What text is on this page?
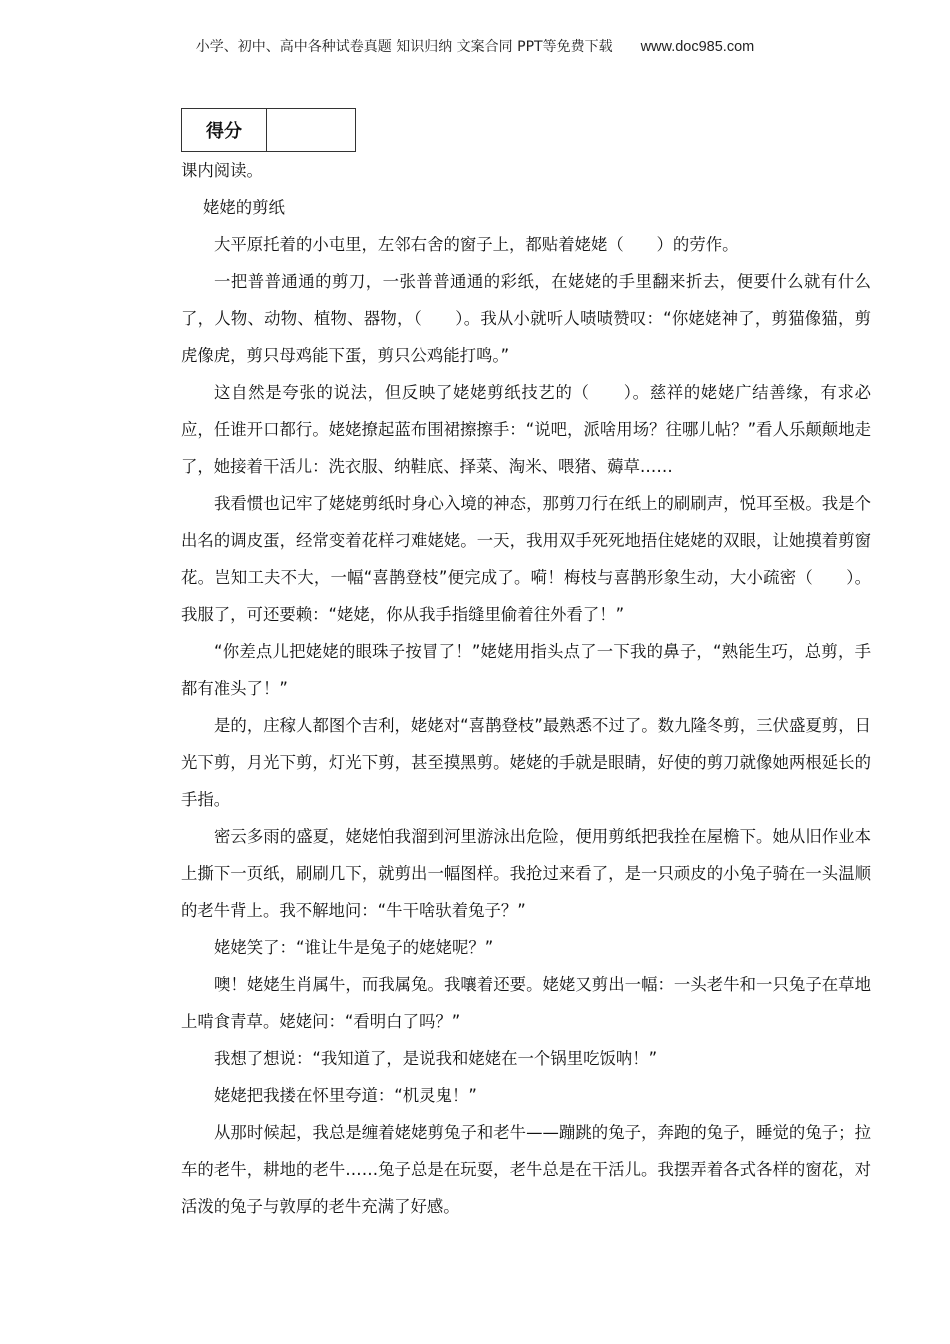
小学、初中、高中各种试卷真题 知识归纳 文案合同 PPT等免费下载 www.doc985.com
得分	

课内阅读。

姥姥的剪纸

大平原托着的小屯里，左邻右舍的窗子上，都贴着姥姥（　　）的劳作。

一把普普通通的剪刀，一张普普通通的彩纸，在姥姥的手里翻来折去，便要什么就有什么了，人物、动物、植物、器物，（　　）。我从小就听人啧啧赞叹：“你姥姥神了，剪猫像猫，剪虎像虎，剪只母鸡能下蛋，剪只公鸡能打鸣。”

这自然是夸张的说法，但反映了姥姥剪纸技艺的（　　）。慈祥的姥姥广结善缘，有求必应，任谁开口都行。姥姥撩起蓝布围裙擦擦手：“说吧，派啥用场？往哪儿帖？”看人乐颠颠地走了，她接着干活儿：洗衣服、纳鞋底、择菜、淘米、喂猪、薅草……

我看惯也记牢了姥姥剪纸时身心入境的神态，那剪刀行在纸上的刷刷声，悦耳至极。我是个出名的调皮蛋，经常变着花样刁难姥姥。一天，我用双手死死地捂住姥姥的双眼，让她摸着剪窗花。岂知工夫不大，一幅“喜鹊登枝”便完成了。嗬！梅枝与喜鹊形象生动，大小疏密（　　）。我服了，可还要赖：“姥姥，你从我手指缝里偷着往外看了！”

“你差点儿把姥姥的眼珠子按冒了！”姥姥用指头点了一下我的鼻子，“熟能生巧，总剪，手都有准头了！”

是的，庄稼人都图个吉利，姥姥对“喜鹊登枝”最熟悉不过了。数九隆冬剪，三伏盛夏剪，日光下剪，月光下剪，灯光下剪，甚至摸黑剪。姥姥的手就是眼睛，好使的剪刀就像她两根延长的手指。

密云多雨的盛夏，姥姥怕我溜到河里游泳出危险，便用剪纸把我拴在屋檐下。她从旧作业本上撕下一页纸，刷刷几下，就剪出一幅图样。我抢过来看了，是一只顽皮的小兔子骑在一头温顺的老牛背上。我不解地问：“牛干啥驮着兔子？”

姥姥笑了：“谁让牛是兔子的姥姥呢？”

噢！姥姥生肖属牛，而我属兔。我嚷着还要。姥姥又剪出一幅：一头老牛和一只兔子在草地上啃食青草。姥姥问：“看明白了吗？”

我想了想说：“我知道了，是说我和姥姥在一个锅里吃饭呐！”

姥姥把我搂在怀里夸道：“机灵鬼！”

从那时候起，我总是缠着姥姥剪兔子和老牛——蹦跳的兔子，奔跑的兔子，睡觉的兔子；拉车的老牛，耕地的老牛……兔子总是在玩耍，老牛总是在干活儿。我摆弄着各式各样的窗花，对活泼的兔子与敦厚的老牛充满了好感。
